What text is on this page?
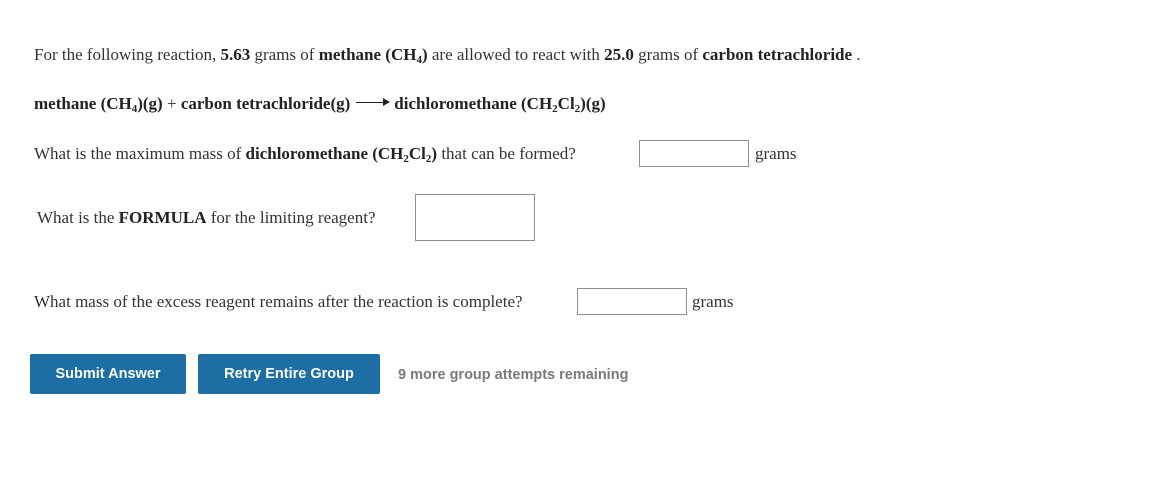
For the following reaction, 5.63 grams of methane $(CH_4)$ are allowed to react with 25.0 grams of carbon tetrachloride .
methane $(CH_4)(g)$ + carbon tetrachloride(g)	dichloromethane $(CH_2Cl_2)(g)$
What is the maximum mass of dichloromethane $(CH_2Cl_2)$ that can be formed?	grams
What is the FORMULA for the limiting reagent?
What mass of the excess reagent remains after the reaction is complete?	grams
Submit Answer	Retry Entire Group	9 more group attempts remaining
